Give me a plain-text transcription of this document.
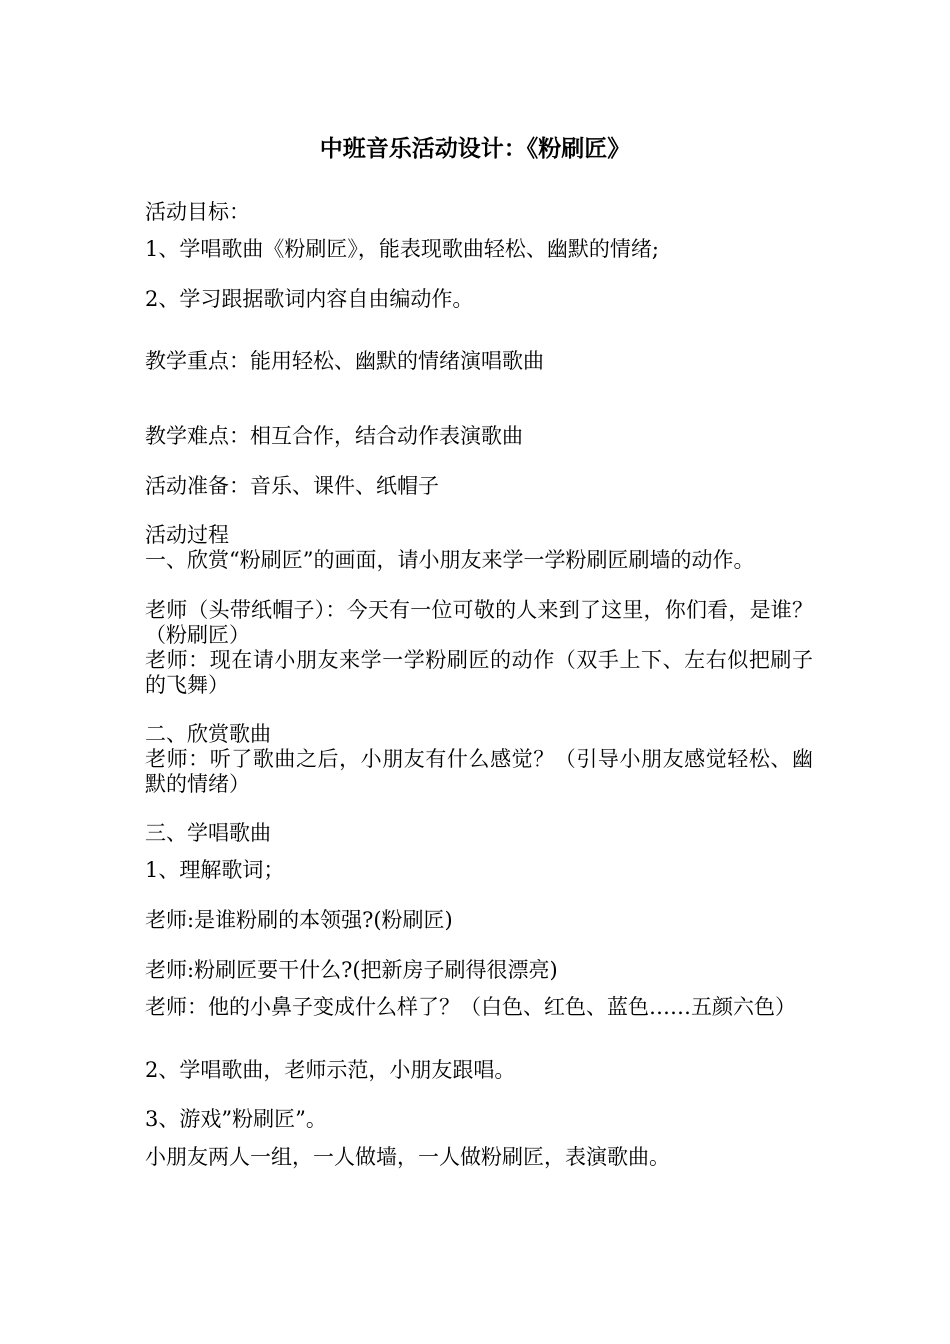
中班音乐活动设计：《粉刷匠》
活动目标：
1、学唱歌曲《粉刷匠》，能表现歌曲轻松、幽默的情绪;
2、学习跟据歌词内容自由编动作。
教学重点：能用轻松、幽默的情绪演唱歌曲
教学难点：相互合作，结合动作表演歌曲
活动准备：音乐、课件、纸帽子
活动过程
一、欣赏“粉刷匠”的画面，请小朋友来学一学粉刷匠刷墙的动作。
老师（头带纸帽子）：今天有一位可敬的人来到了这里，你们看，是谁？（粉刷匠）
老师：现在请小朋友来学一学粉刷匠的动作（双手上下、左右似把刷子的飞舞）
二、欣赏歌曲
老师：听了歌曲之后，小朋友有什么感觉？（引导小朋友感觉轻松、幽默的情绪）
三、学唱歌曲
1、理解歌词；
老师:是谁粉刷的本领强?(粉刷匠)
老师:粉刷匠要干什么?(把新房子刷得很漂亮)
老师：他的小鼻子变成什么样了？（白色、红色、蓝色……五颜六色）
2、学唱歌曲，老师示范，小朋友跟唱。
3、游戏”粉刷匠”。
小朋友两人一组，一人做墙，一人做粉刷匠，表演歌曲。
